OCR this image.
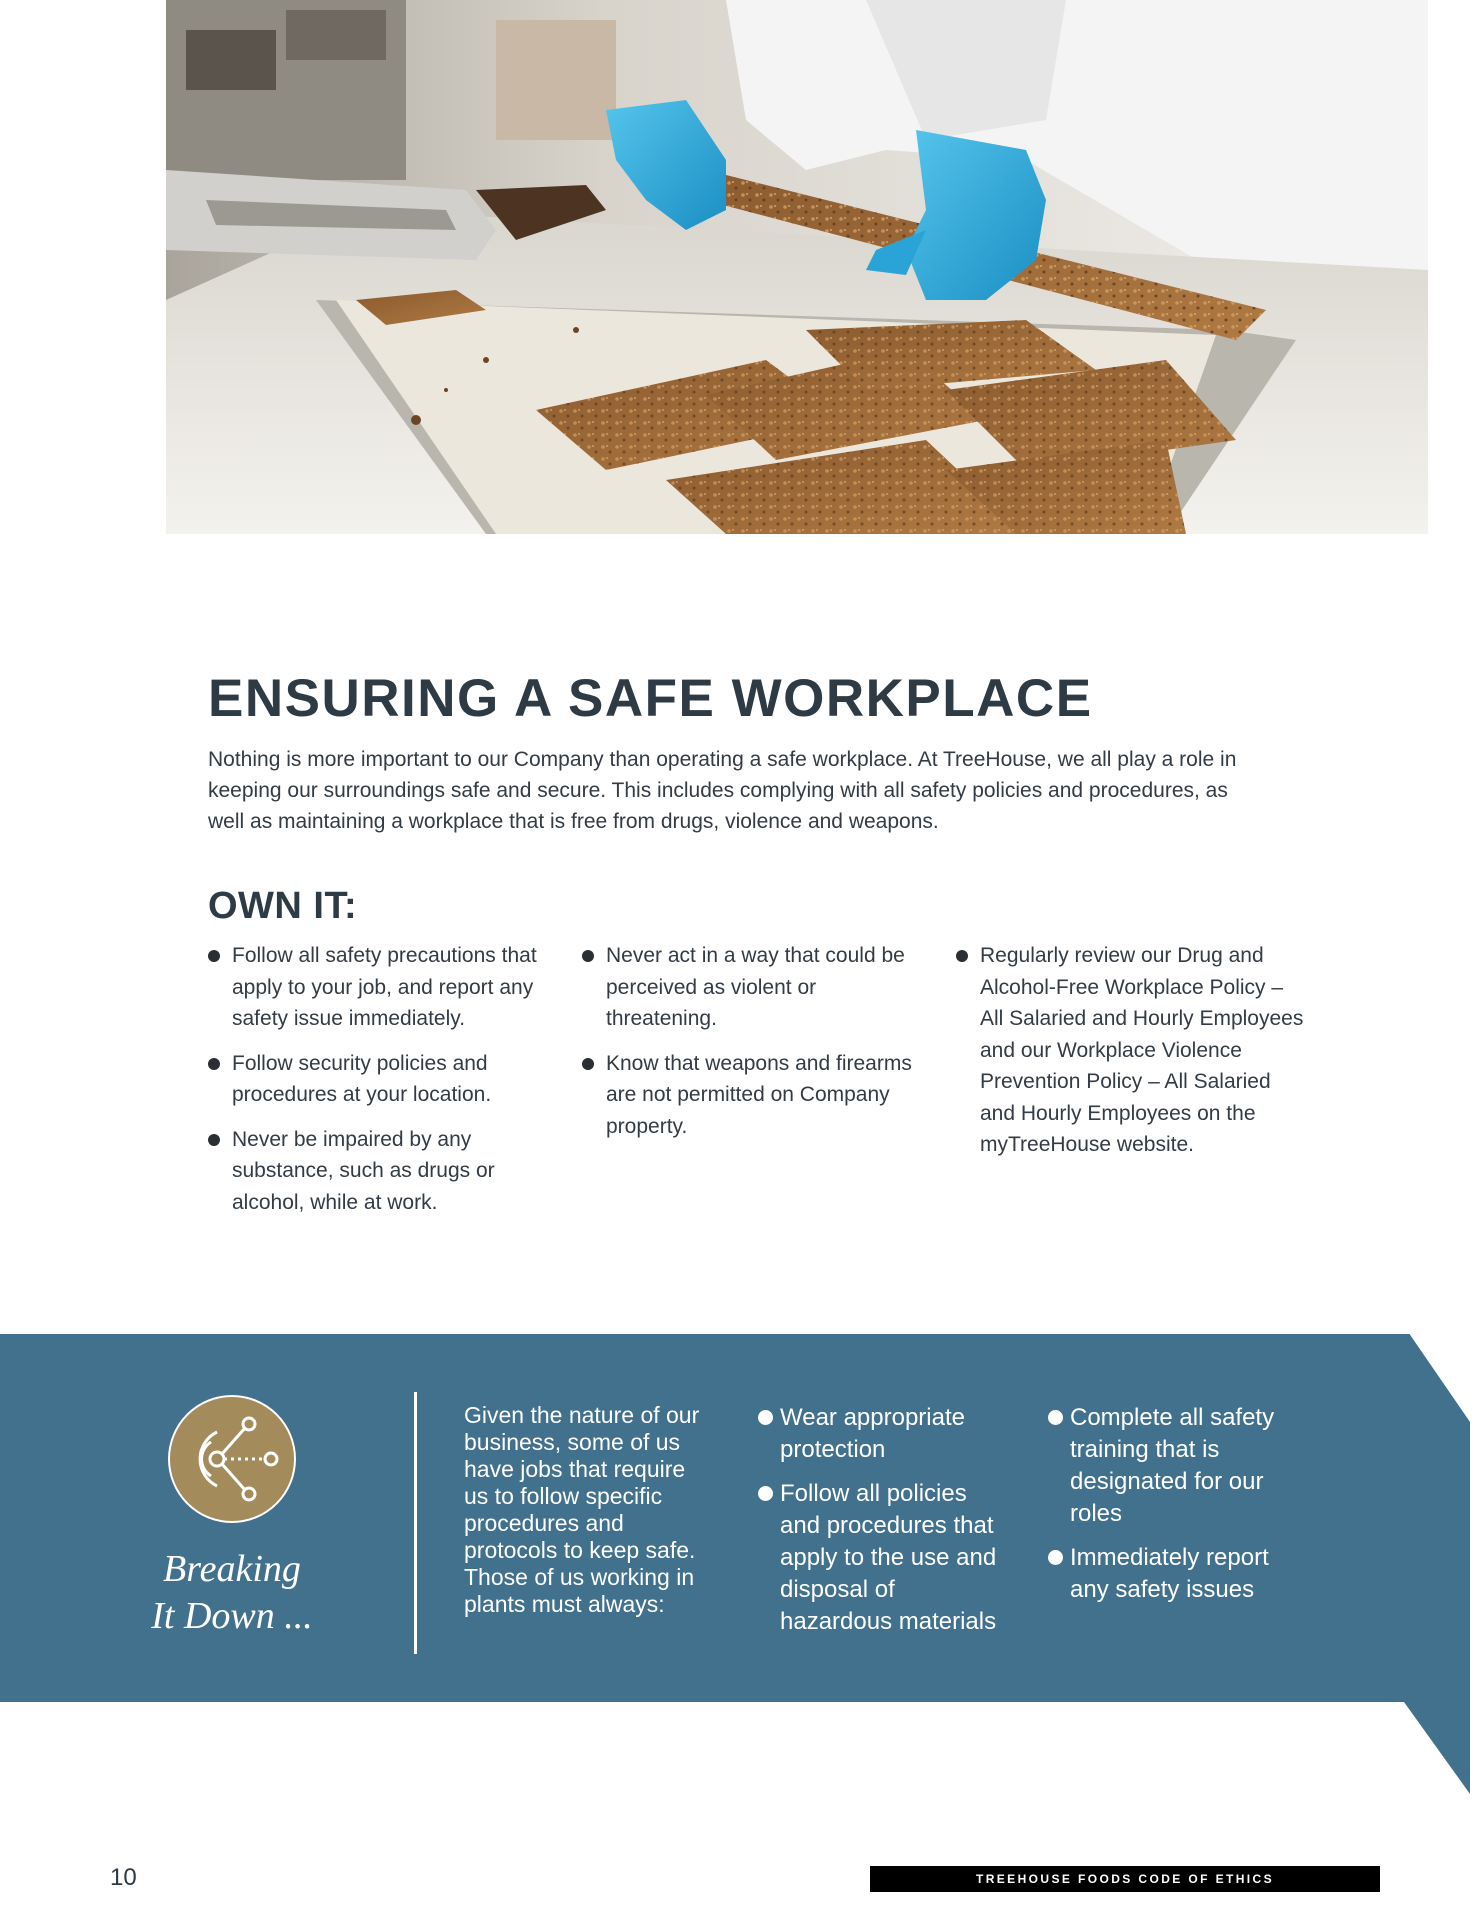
ENSURING A SAFE WORKPLACE

Nothing is more important to our Company than operating a safe workplace. At TreeHouse, we all play a role in keeping our surroundings safe and secure. This includes complying with all safety policies and procedures, as well as maintaining a workplace that is free from drugs, violence and weapons.

OWN IT:
Follow all safety precautions that apply to your job, and report any safety issue immediately.
Follow security policies and procedures at your location.
Never be impaired by any substance, such as drugs or alcohol, while at work.
Never act in a way that could be perceived as violent or threatening.
Know that weapons and firearms are not permitted on Company property.
Regularly review our Drug and Alcohol-Free Workplace Policy – All Salaried and Hourly Employees and our Workplace Violence Prevention Policy – All Salaried and Hourly Employees on the myTreeHouse website.
Breaking
It Down ...

Given the nature of our business, some of us have jobs that require us to follow specific procedures and protocols to keep safe. Those of us working in plants must always:

Wear appropriate protection
Follow all policies and procedures that apply to the use and disposal of hazardous materials
Complete all safety training that is designated for our roles
Immediately report any safety issues
10	TREEHOUSE FOODS CODE OF ETHICS
